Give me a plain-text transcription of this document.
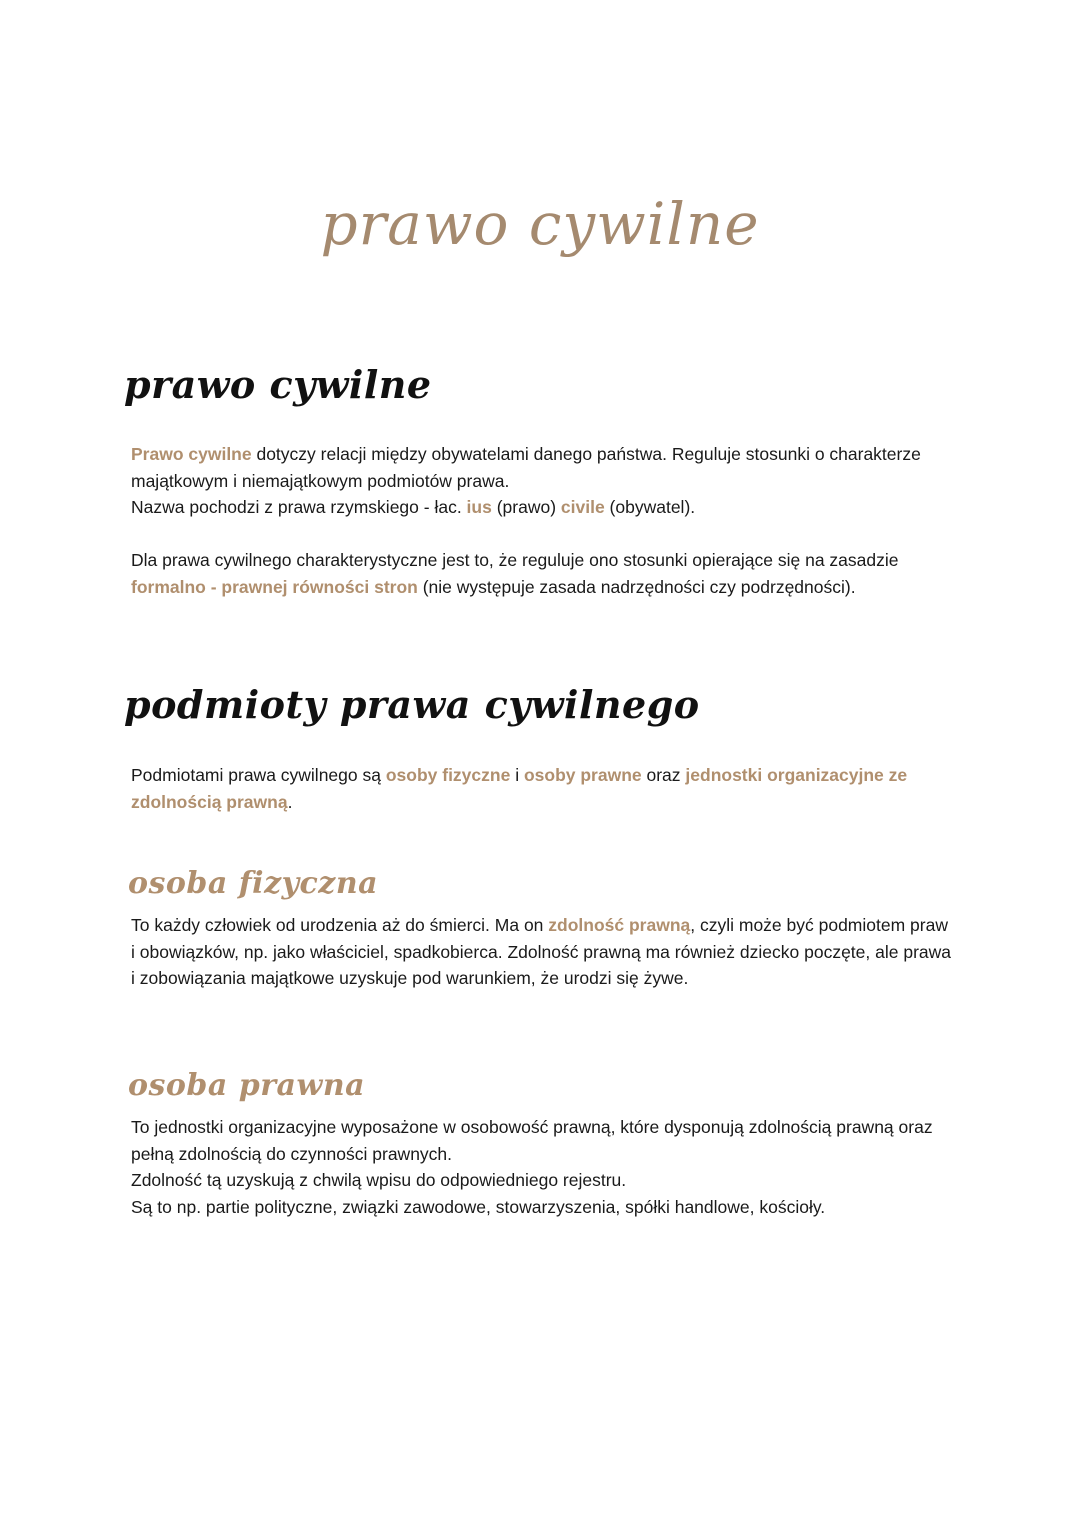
prawo cywilne
prawo cywilne

Prawo cywilne dotyczy relacji między obywatelami danego państwa. Reguluje stosunki o charakterze majątkowym i niemajątkowym podmiotów prawa.

Nazwa pochodzi z prawa rzymskiego - łac. ius (prawo) civile (obywatel).

Dla prawa cywilnego charakterystyczne jest to, że reguluje ono stosunki opierające się na zasadzie formalno - prawnej równości stron (nie występuje zasada nadrzędności czy podrzędności).

podmioty prawa cywilnego

Podmiotami prawa cywilnego są osoby fizyczne i osoby prawne oraz jednostki organizacyjne ze zdolnością prawną.

osoba fizyczna

To każdy człowiek od urodzenia aż do śmierci. Ma on zdolność prawną, czyli może być podmiotem praw i obowiązków, np. jako właściciel, spadkobierca. Zdolność prawną ma również dziecko poczęte, ale prawa i zobowiązania majątkowe uzyskuje pod warunkiem, że urodzi się żywe.

osoba prawna

To jednostki organizacyjne wyposażone w osobowość prawną, które dysponują zdolnością prawną oraz pełną zdolnością do czynności prawnych.
Zdolność tą uzyskują z chwilą wpisu do odpowiedniego rejestru.
Są to np. partie polityczne, związki zawodowe, stowarzyszenia, spółki handlowe, kościoły.
